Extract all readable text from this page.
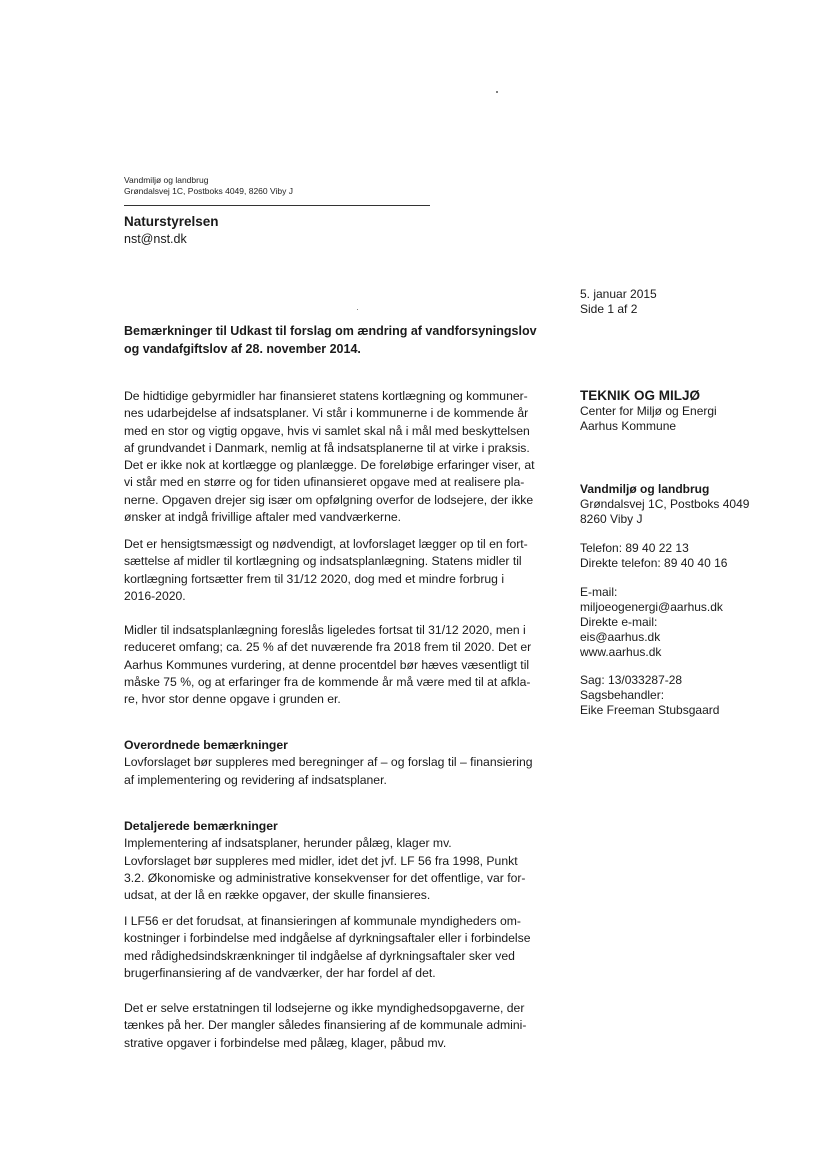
Vandmiljø og landbrug
Grøndalsvej 1C, Postboks 4049, 8260 Viby J
Naturstyrelsen
nst@nst.dk
5. januar 2015
Side 1 af 2
Bemærkninger til Udkast til forslag om ændring af vandforsyningslov
og vandafgiftslov af 28. november 2014.
De hidtidige gebyrmidler har finansieret statens kortlægning og kommuner-
nes udarbejdelse af indsatsplaner. Vi står i kommunerne i de kommende år
med en stor og vigtig opgave, hvis vi samlet skal nå i mål med beskyttelsen
af grundvandet i Danmark, nemlig at få indsatsplanerne til at virke i praksis.
Det er ikke nok at kortlægge og planlægge. De foreløbige erfaringer viser, at
vi står med en større og for tiden ufinansieret opgave med at realisere pla-
nerne. Opgaven drejer sig især om opfølgning overfor de lodsejere, der ikke
ønsker at indgå frivillige aftaler med vandværkerne.
Det er hensigtsmæssigt og nødvendigt, at lovforslaget lægger op til en fort-
sættelse af midler til kortlægning og indsatsplanlægning. Statens midler til
kortlægning fortsætter frem til 31/12 2020, dog med et mindre forbrug i
2016-2020.
Midler til indsatsplanlægning foreslås ligeledes fortsat til 31/12 2020, men i
reduceret omfang; ca. 25 % af det nuværende fra 2018 frem til 2020. Det er
Aarhus Kommunes vurdering, at denne procentdel bør hæves væsentligt til
måske 75 %, og at erfaringer fra de kommende år må være med til at afkla-
re, hvor stor denne opgave i grunden er.
Overordnede bemærkninger
Lovforslaget bør suppleres med beregninger af – og forslag til – finansiering
af implementering og revidering af indsatsplaner.
Detaljerede bemærkninger
Implementering af indsatsplaner, herunder pålæg, klager mv.
Lovforslaget bør suppleres med midler, idet det jvf. LF 56 fra 1998, Punkt
3.2. Økonomiske og administrative konsekvenser for det offentlige, var for-
udsat, at der lå en række opgaver, der skulle finansieres.
I LF56 er det forudsat, at finansieringen af kommunale myndigheders om-
kostninger i forbindelse med indgåelse af dyrkningsaftaler eller i forbindelse
med rådighedsindskrænkninger til indgåelse af dyrkningsaftaler sker ved
brugerfinansiering af de vandværker, der har fordel af det.
Det er selve erstatningen til lodsejerne og ikke myndighedsopgaverne, der
tænkes på her. Der mangler således finansiering af de kommunale admini-
strative opgaver i forbindelse med pålæg, klager, påbud mv.
TEKNIK OG MILJØ
Center for Miljø og Energi
Aarhus Kommune
Vandmiljø og landbrug
Grøndalsvej 1C, Postboks 4049
8260 Viby J
Telefon: 89 40 22 13
Direkte telefon: 89 40 40 16
E-mail:
miljoeogenergi@aarhus.dk
Direkte e-mail:
eis@aarhus.dk
www.aarhus.dk
Sag: 13/033287-28
Sagsbehandler:
Eike Freeman Stubsgaard
